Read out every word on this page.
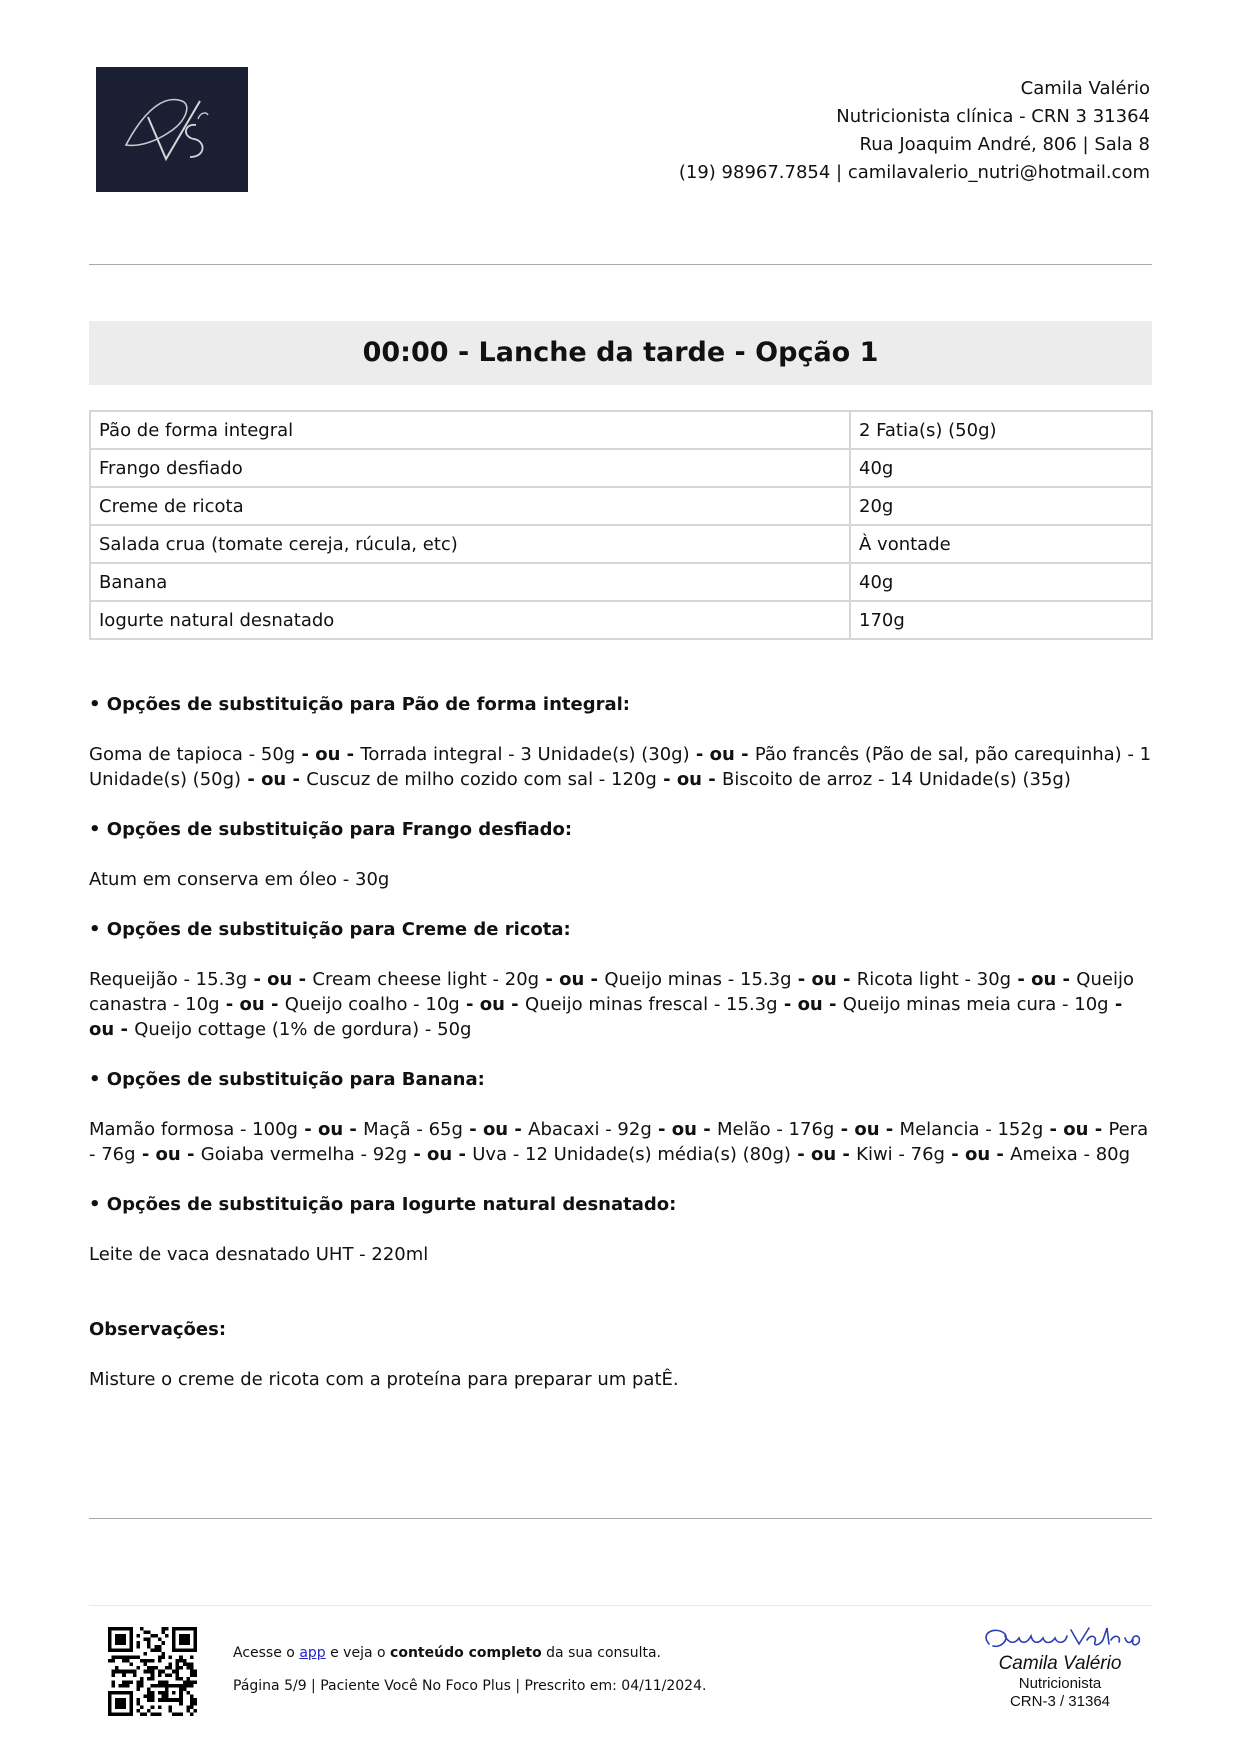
Camila Valério
Nutricionista clínica - CRN 3 31364
Rua Joaquim André, 806 | Sala 8
(19) 98967.7854 | camilavalerio_nutri@hotmail.com
00:00 - Lanche da tarde - Opção 1
Pão de forma integral	2 Fatia(s) (50g)
Frango desfiado	40g
Creme de ricota	20g
Salada crua (tomate cereja, rúcula, etc)	À vontade
Banana	40g
Iogurte natural desnatado	170g
• Opções de substituição para Pão de forma integral:
Goma de tapioca - 50g - ou - Torrada integral - 3 Unidade(s) (30g) - ou - Pão francês (Pão de sal, pão carequinha) - 1 Unidade(s) (50g) - ou - Cuscuz de milho cozido com sal - 120g - ou - Biscoito de arroz - 14 Unidade(s) (35g)
• Opções de substituição para Frango desfiado:
Atum em conserva em óleo - 30g
• Opções de substituição para Creme de ricota:
Requeijão - 15.3g - ou - Cream cheese light - 20g - ou - Queijo minas - 15.3g - ou - Ricota light - 30g - ou - Queijo canastra - 10g - ou - Queijo coalho - 10g - ou - Queijo minas frescal - 15.3g - ou - Queijo minas meia cura - 10g - ou - Queijo cottage (1% de gordura) - 50g
• Opções de substituição para Banana:
Mamão formosa - 100g - ou - Maçã - 65g - ou - Abacaxi - 92g - ou - Melão - 176g - ou - Melancia - 152g - ou - Pera - 76g - ou - Goiaba vermelha - 92g - ou - Uva - 12 Unidade(s) média(s) (80g) - ou - Kiwi - 76g - ou - Ameixa - 80g
• Opções de substituição para Iogurte natural desnatado:
Leite de vaca desnatado UHT - 220ml
Observações:
Misture o creme de ricota com a proteína para preparar um patÊ.
Acesse o app e veja o conteúdo completo da sua consulta.
Página 5/9 | Paciente Você No Foco Plus | Prescrito em: 04/11/2024.
Camila Valério
Nutricionista
CRN-3 / 31364
